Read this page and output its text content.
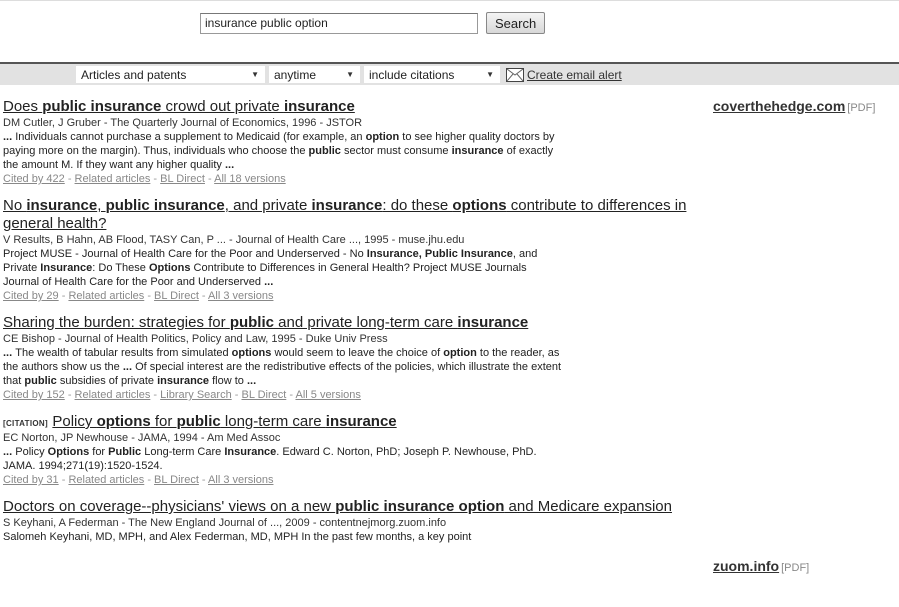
insurance public option
Search
Articles and patents	▼ anytime	▼ include citations	▼	Create email alert
Does public insurance crowd out private insurance
DM Cutler, J Gruber - The Quarterly Journal of Economics, 1996 - JSTOR
... Individuals cannot purchase a supplement to Medicaid (for example, an option to see higher quality doctors by paying more on the margin). Thus, individuals who choose the public sector must consume insurance of exactly the amount M. If they want any higher quality ...
Cited by 422 - Related articles - BL Direct - All 18 versions
No insurance, public insurance, and private insurance: do these options contribute to differences in general health?
V Results, B Hahn, AB Flood, TASY Can, P ... - Journal of Health Care ..., 1995 - muse.jhu.edu
Project MUSE - Journal of Health Care for the Poor and Underserved - No Insurance, Public Insurance, and Private Insurance: Do These Options Contribute to Differences in General Health? Project MUSE Journals Journal of Health Care for the Poor and Underserved ...
Cited by 29 - Related articles - BL Direct - All 3 versions
Sharing the burden: strategies for public and private long-term care insurance
CE Bishop - Journal of Health Politics, Policy and Law, 1995 - Duke Univ Press
... The wealth of tabular results from simulated options would seem to leave the choice of option to the reader, as the authors show us the ... Of special interest are the redistributive effects of the policies, which illustrate the extent that public subsidies of private insurance flow to ...
Cited by 152 - Related articles - Library Search - BL Direct - All 5 versions
[CITATION] Policy options for public long-term care insurance
EC Norton, JP Newhouse - JAMA, 1994 - Am Med Assoc
... Policy Options for Public Long-term Care Insurance. Edward C. Norton, PhD; Joseph P. Newhouse, PhD. JAMA. 1994;271(19):1520-1524.
Cited by 31 - Related articles - BL Direct - All 3 versions
Doctors on coverage--physicians' views on a new public insurance option and Medicare expansion
S Keyhani, A Federman - The New England Journal of ..., 2009 - contentnejmorg.zuom.info
Salomeh Keyhani, MD, MPH, and Alex Federman, MD, MPH In the past few months, a key point
coverthehedge.com [PDF]
zuom.info [PDF]
